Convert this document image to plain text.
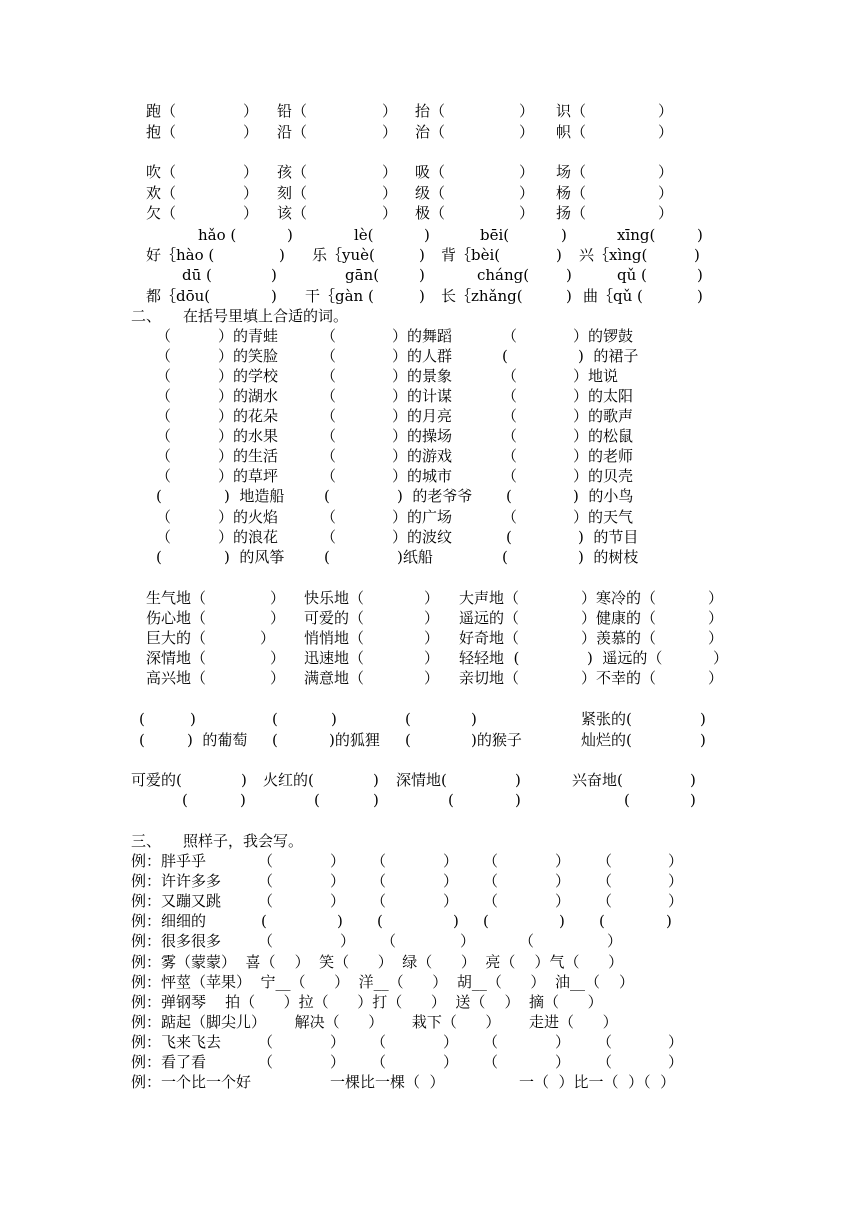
跑（	） 铅（	） 抬（	） 识（	）
抱（	） 沿（	） 治（	） 帜（	）
吹（	） 孩（	） 吸（	） 场（	）
欢（	） 刻（	） 级（	） 杨（	）
欠（	） 该（	） 极（	） 扬（	）
hǎo (	)	lè(	)	bēi(	)	xīng(	)
好｛hào (	) 乐｛yuè(	) 背｛bèi(	) 兴｛xìng(	)
dū (	)	gān(	)	cháng( )	qǔ (	)
都｛dōu(	) 干｛gàn (	) 长｛zhǎng(	) 曲｛qǔ (	)
二、 在括号里填上合适的词。
（	）的青蛙	（	）的舞蹈	（	）的锣鼓
（	）的笑脸	（	）的人群	(	)  的裙子
（	）的学校	（	）的景象	（	）地说
（	）的湖水	（	）的计谋	（	）的太阳
（	）的花朵	（	）的月亮	（	）的歌声
（	）的水果	（	）的操场	（	）的松鼠
（	）的生活	（	）的游戏	（	）的老师
（	）的草坪	（	）的城市	（	）的贝壳
(	)  地造船	(	)  的老爷爷 (	)  的小鸟
（	）的火焰	（	）的广场	（	）的天气
（	）的浪花	（	）的波纹	(	)  的节目
(	)  的风筝	(	)纸船	(	)  的树枝
生气地（	） 快乐地（	） 大声地（	）寒冷的（	）
伤心地（	） 可爱的（	） 遥远的（	）健康的（	）
巨大的（	） 悄悄地（	） 好奇地（	）羡慕的（	）
深情地（	） 迅速地（	） 轻轻地  (	)  遥远的（	）
高兴地（	） 满意地（	） 亲切地（	）不幸的（	）
(	)	(	)	(	)	紧张的(	)
(	)  的葡萄 (	)的狐狸 (	)的猴子	灿烂的(	)
可爱的(	) 火红的(	) 深情地(	)	兴奋地(	)
(	)	(	)	(	)	(	)
三、 照样子，我会写。
例：胖乎乎	（	） （	） （	） （	）
例：许许多多 （	） （	） （	） （	）
例：又蹦又跳 （	） （	） （	） （	）
例：细细的	(	) (	) (	) (	)
例：很多很多 （	） （	）	（	）
例：雾（蒙蒙）  喜（    ）  笑（      ）  绿（      ）  亮（    ）气（      ）
例：怦莖（苹果）  宁__（      ）  洋__（      ）  胡__（      ）  油__（    ）
例：弹钢琴    拍（      ）拉（      ）打（      ）  送（    ）  摘（      ）
例：踮起（脚尖儿）      解决（      ）      栽下（      ）      走进（      ）
例：飞来飞去 （	） （	） （	） （	）
例：看了看	（	） （	） （	） （	）
例：一个比一个好	一棵比一棵（  ）	一（  ）比一（  ）（  ）
